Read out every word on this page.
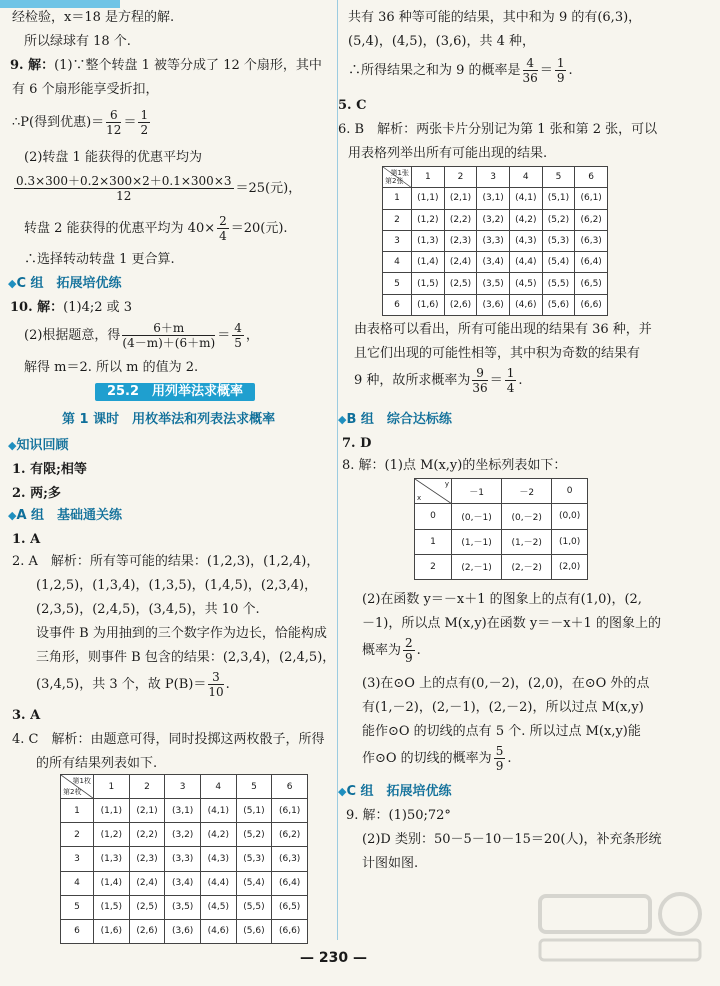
经检验，x＝18 是方程的解.
所以绿球有 18 个.
9. 解：(1)∵整个转盘 1 被等分成了 12 个扇形，其中
有 6 个扇形能享受折扣，
∴P(得到优惠)＝ $\frac{6}{12} = \frac{1}{2}$
(2)转盘 1 能获得的优惠平均为
$\frac{0.3\times 300+0.2\times 300\times 2+0.1\times 300\times 3}{12} =25$(元)，
转盘 2 能获得的优惠平均为 $40\times \frac{2}{4} =20$(元).
∴选择转动转盘 1 更合算.
◆C 组　拓展培优练
10. 解：(1)4;2 或 3
(2)根据题意，得 $\frac{6+m}{(4-m)+(6+m)} = \frac{4}{5}$ ，
解得 m＝2. 所以 m 的值为 2.
25.2　用列举法求概率
第 1 课时　用枚举法和列表法求概率
◆知识回顾
1. 有限;相等
2. 两;多
◆A 组　基础通关练
1. A
2. A　解析：所有等可能的结果：(1,2,3)，(1,2,4)，
(1,2,5)，(1,3,4)，(1,3,5)，(1,4,5)，(2,3,4)，
(2,3,5)，(2,4,5)，(3,4,5)，共 10 个.
设事件 B 为用抽到的三个数字作为边长，恰能构成
三角形，则事件 B 包含的结果：(2,3,4)，(2,4,5)，
(3,4,5)，共 3 个，故 $P(B)= \frac{3}{10}$ .
3. A
4. C　解析：由题意可得，同时投掷这两枚骰子，所得
的所有结果列表如下.
第1枚
第2枚	1	2	3	4	5	6
1	(1,1)	(2,1)	(3,1)	(4,1)	(5,1)	(6,1)
2	(1,2)	(2,2)	(3,2)	(4,2)	(5,2)	(6,2)
3	(1,3)	(2,3)	(3,3)	(4,3)	(5,3)	(6,3)
4	(1,4)	(2,4)	(3,4)	(4,4)	(5,4)	(6,4)
5	(1,5)	(2,5)	(3,5)	(4,5)	(5,5)	(6,5)
6	(1,6)	(2,6)	(3,6)	(4,6)	(5,6)	(6,6)
共有 36 种等可能的结果，其中和为 9 的有(6,3)，
(5,4)，(4,5)，(3,6)，共 4 种，
∴所得结果之和为 9 的概率是 $\frac{4}{36} = \frac{1}{9}$ .
5. C
6. B　解析：两张卡片分别记为第 1 张和第 2 张，可以
用表格列举出所有可能出现的结果.
第1张
第2张	1	2	3	4	5	6
1	(1,1)	(2,1)	(3,1)	(4,1)	(5,1)	(6,1)
2	(1,2)	(2,2)	(3,2)	(4,2)	(5,2)	(6,2)
3	(1,3)	(2,3)	(3,3)	(4,3)	(5,3)	(6,3)
4	(1,4)	(2,4)	(3,4)	(4,4)	(5,4)	(6,4)
5	(1,5)	(2,5)	(3,5)	(4,5)	(5,5)	(6,5)
6	(1,6)	(2,6)	(3,6)	(4,6)	(5,6)	(6,6)
由表格可以看出，所有可能出现的结果有 36 种，并
且它们出现的可能性相等，其中积为奇数的结果有
9 种，故所求概率为 $\frac{9}{36} = \frac{1}{4}$ .
◆B 组　综合达标练
7. D
8. 解：(1)点 M(x,y)的坐标列表如下：
y
x	－1	－2	0
0	(0,－1)	(0,－2)	(0,0)
1	(1,－1)	(1,－2)	(1,0)
2	(2,－1)	(2,－2)	(2,0)
(2)在函数 y＝－x＋1 的图象上的点有(1,0)，(2,
－1)，所以点 M(x,y)在函数 y＝－x＋1 的图象上的
概率为 $\frac{2}{9}$ .
(3)在⊙O 上的点有(0,－2)，(2,0)，在⊙O 外的点
有(1,－2)，(2,－1)，(2,－2)，所以过点 M(x,y)
能作⊙O 的切线的点有 5 个. 所以过点 M(x,y)能
作⊙O 的切线的概率为 $\frac{5}{9}$ .
◆C 组　拓展培优练
9. 解：(1)50;72°
(2)D 类别：50－5－10－15＝20(人)，补充条形统
计图如图.
— 230 —
